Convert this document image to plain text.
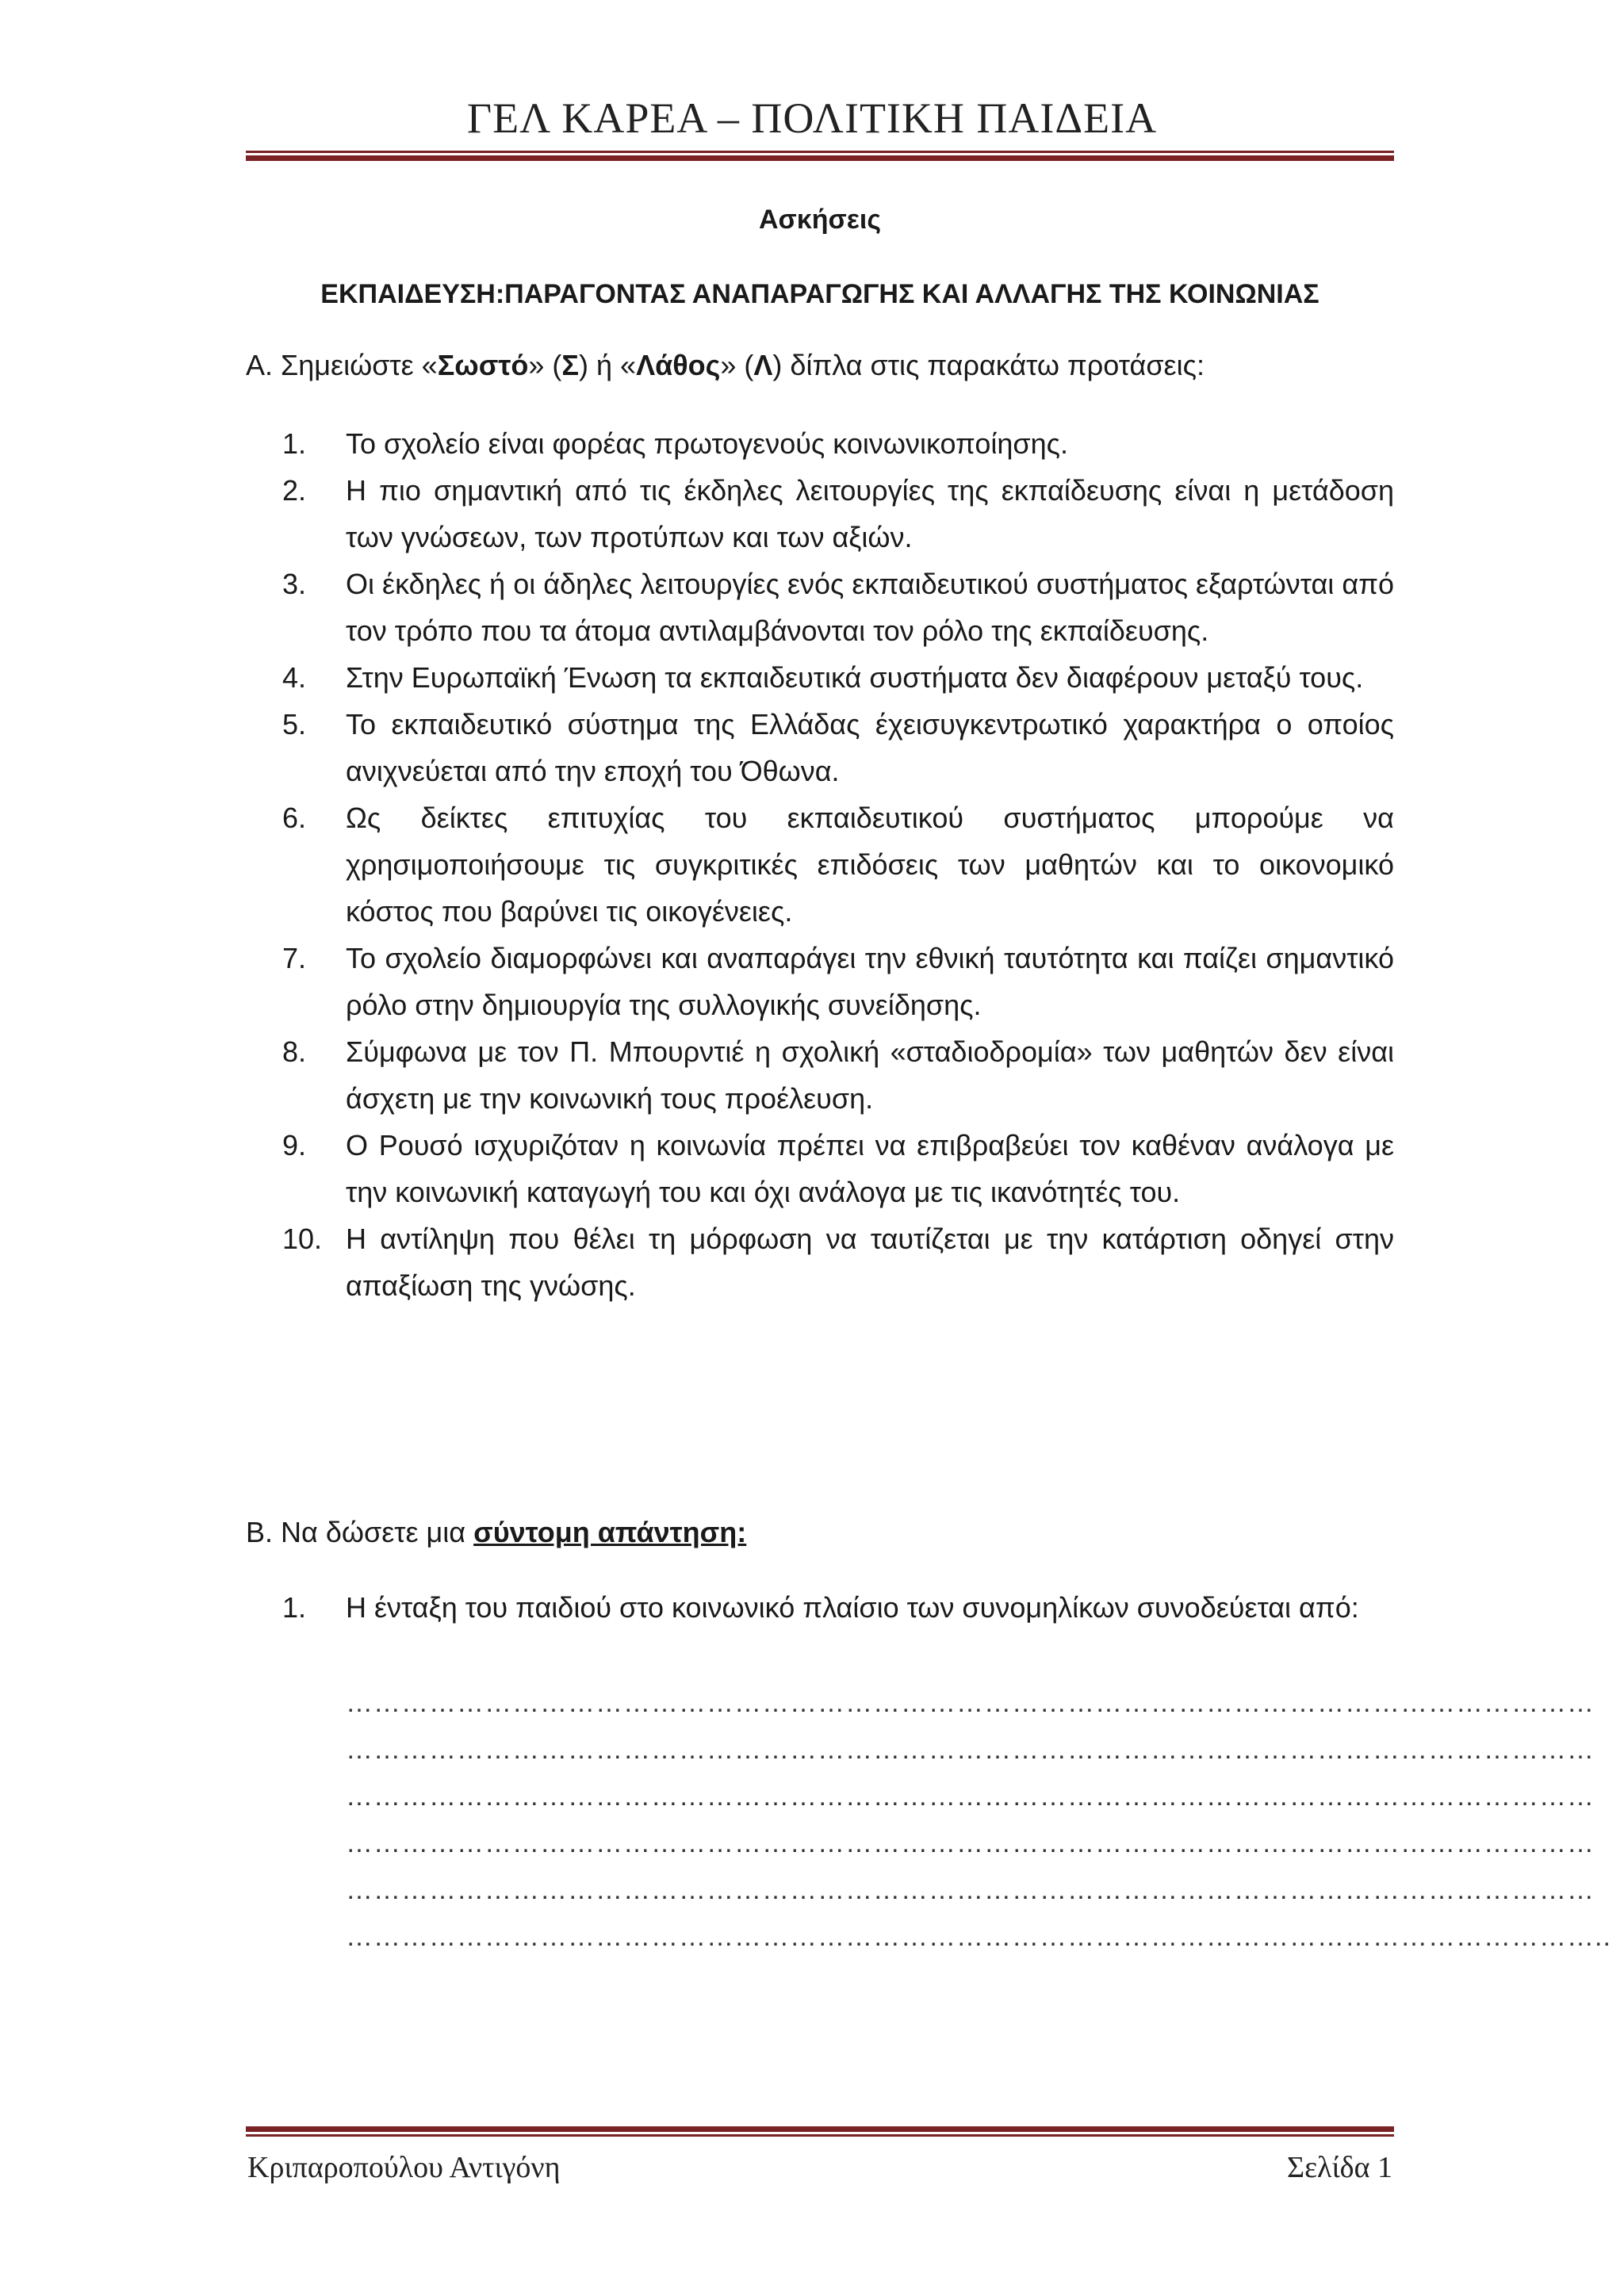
ΓΕΛ ΚΑΡΕΑ – ΠΟΛΙΤΙΚΗ ΠΑΙΔΕΙΑ
Ασκήσεις
ΕΚΠΑΙΔΕΥΣΗ:ΠΑΡΑΓΟΝΤΑΣ ΑΝΑΠΑΡΑΓΩΓΗΣ ΚΑΙ ΑΛΛΑΓΗΣ ΤΗΣ ΚΟΙΝΩΝΙΑΣ
Α. Σημειώστε «Σωστό» (Σ) ή «Λάθος» (Λ) δίπλα στις παρακάτω προτάσεις:
1.	Το σχολείο είναι φορέας πρωτογενούς κοινωνικοποίησης.
2.	Η πιο σημαντική από τις έκδηλες λειτουργίες της εκπαίδευσης είναι η μετάδοση των γνώσεων, των προτύπων και των αξιών.
3.	Οι έκδηλες ή οι άδηλες λειτουργίες ενός εκπαιδευτικού συστήματος εξαρτώνται από τον τρόπο που τα άτομα αντιλαμβάνονται τον ρόλο της εκπαίδευσης.
4.	Στην Ευρωπαϊκή Ένωση τα εκπαιδευτικά συστήματα δεν διαφέρουν μεταξύ τους.
5.	Το εκπαιδευτικό σύστημα της Ελλάδας έχεισυγκεντρωτικό χαρακτήρα ο οποίος ανιχνεύεται από την εποχή του Όθωνα.
6.	Ως δείκτες επιτυχίας του εκπαιδευτικού συστήματος μπορούμε να χρησιμοποιήσουμε τις συγκριτικές επιδόσεις των μαθητών και το οικονομικό κόστος που βαρύνει τις οικογένειες.
7.	Το σχολείο διαμορφώνει και αναπαράγει την εθνική ταυτότητα και παίζει σημαντικό ρόλο στην δημιουργία της συλλογικής συνείδησης.
8.	Σύμφωνα με τον Π. Μπουρντιέ η σχολική «σταδιοδρομία» των μαθητών δεν είναι άσχετη με την κοινωνική τους προέλευση.
9.	Ο Ρουσό ισχυριζόταν η κοινωνία πρέπει να επιβραβεύει τον καθέναν ανάλογα με την κοινωνική καταγωγή του και όχι ανάλογα με τις ικανότητές του.
10. Η αντίληψη που θέλει τη μόρφωση να ταυτίζεται με την κατάρτιση οδηγεί στην απαξίωση της γνώσης.
Β. Να δώσετε μια σύντομη απάντηση:
1.	Η ένταξη του παιδιού στο κοινωνικό πλαίσιο των συνομηλίκων συνοδεύεται από:
………………………………………………………………………………………………………………………
………………………………………………………………………………………………………………………
………………………………………………………………………………………………………………………
………………………………………………………………………………………………………………………
………………………………………………………………………………………………………………………
………………………………………………………………………………………………………………………..
Κριπαροπούλου Αντιγόνη	Σελίδα 1
